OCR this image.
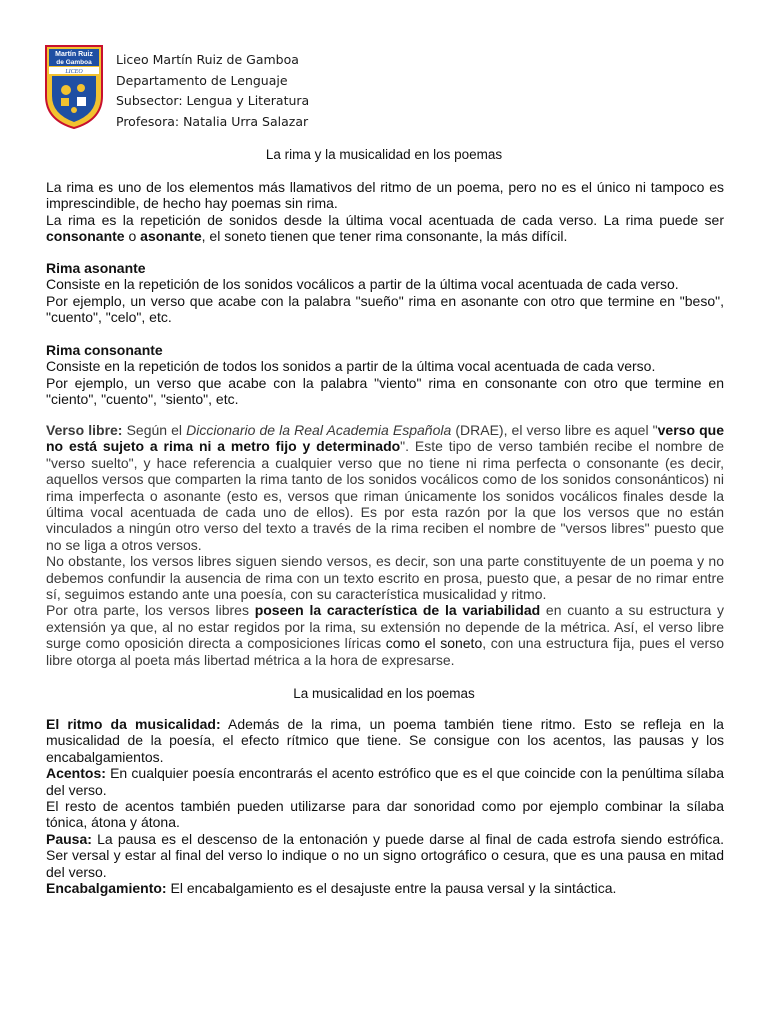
Martín Ruiz
de Gamboa
LICEO
Liceo Martín Ruiz de Gamboa
Departamento de Lenguaje
Subsector: Lengua y Literatura
Profesora: Natalia Urra Salazar
La rima y la musicalidad en los poemas

La rima es uno de los elementos más llamativos del ritmo de un poema, pero no es el único ni tampoco es imprescindible, de hecho hay poemas sin rima.

La rima es la repetición de sonidos desde la última vocal acentuada de cada verso. La rima puede ser consonante o asonante, el soneto tienen que tener rima consonante, la más difícil.

Rima asonante

Consiste en la repetición de los sonidos vocálicos a partir de la última vocal acentuada de cada verso.

Por ejemplo, un verso que acabe con la palabra "sueño" rima en asonante con otro que termine en "beso", "cuento", "celo", etc.

Rima consonante

Consiste en la repetición de todos los sonidos a partir de la última vocal acentuada de cada verso.

Por ejemplo, un verso que acabe con la palabra "viento" rima en consonante con otro que termine en "ciento", "cuento", "siento", etc.

Verso libre: Según el Diccionario de la Real Academia Española (DRAE), el verso libre es aquel "verso que no está sujeto a rima ni a metro fijo y determinado". Este tipo de verso también recibe el nombre de "verso suelto", y hace referencia a cualquier verso que no tiene ni rima perfecta o consonante (es decir, aquellos versos que comparten la rima tanto de los sonidos vocálicos como de los sonidos consonánticos) ni rima imperfecta o asonante (esto es, versos que riman únicamente los sonidos vocálicos finales desde la última vocal acentuada de cada uno de ellos). Es por esta razón por la que los versos que no están vinculados a ningún otro verso del texto a través de la rima reciben el nombre de "versos libres" puesto que no se liga a otros versos.

No obstante, los versos libres siguen siendo versos, es decir, son una parte constituyente de un poema y no debemos confundir la ausencia de rima con un texto escrito en prosa, puesto que, a pesar de no rimar entre sí, seguimos estando ante una poesía, con su característica musicalidad y ritmo.

Por otra parte, los versos libres poseen la característica de la variabilidad en cuanto a su estructura y extensión ya que, al no estar regidos por la rima, su extensión no depende de la métrica. Así, el verso libre surge como oposición directa a composiciones líricas como el soneto, con una estructura fija, pues el verso libre otorga al poeta más libertad métrica a la hora de expresarse.

La musicalidad en los poemas

El ritmo da musicalidad: Además de la rima, un poema también tiene ritmo. Esto se refleja en la musicalidad de la poesía, el efecto rítmico que tiene. Se consigue con los acentos, las pausas y los encabalgamientos.

Acentos: En cualquier poesía encontrarás el acento estrófico que es el que coincide con la penúltima sílaba del verso.

El resto de acentos también pueden utilizarse para dar sonoridad como por ejemplo combinar la sílaba tónica, átona y átona.

Pausa: La pausa es el descenso de la entonación y puede darse al final de cada estrofa siendo estrófica. Ser versal y estar al final del verso lo indique o no un signo ortográfico o cesura, que es una pausa en mitad del verso.

Encabalgamiento: El encabalgamiento es el desajuste entre la pausa versal y la sintáctica.
